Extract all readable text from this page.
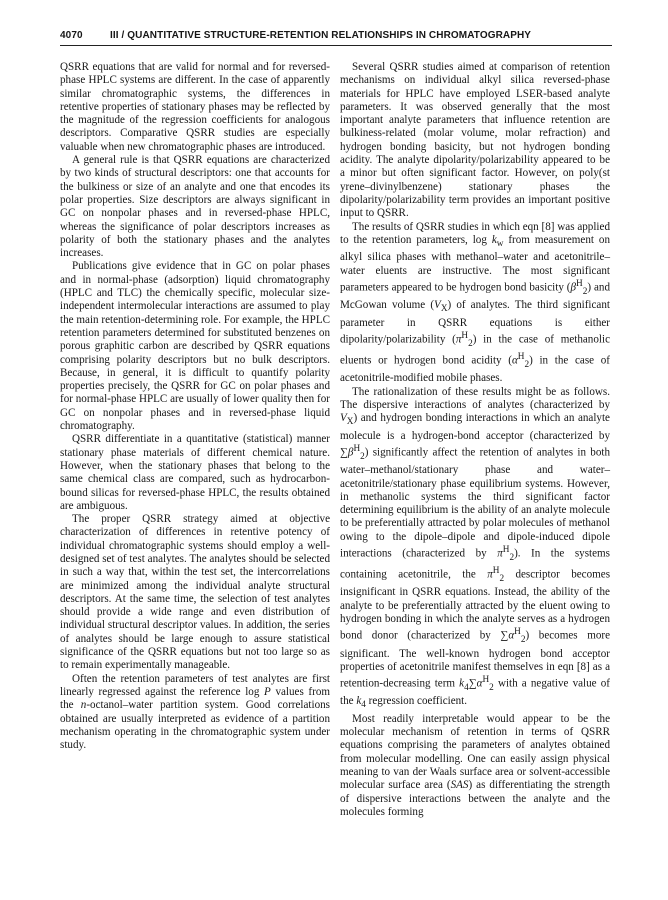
4070	III / QUANTITATIVE STRUCTURE-RETENTION RELATIONSHIPS IN CHROMATOGRAPHY

QSRR equations that are valid for normal and for reversed-phase HPLC systems are different. In the case of apparently similar chromatographic systems, the differences in retentive properties of stationary phases may be reflected by the magnitude of the regression coefficients for analogous descriptors. Comparative QSRR studies are especially valuable when new chromatographic phases are introduced.

A general rule is that QSRR equations are characterized by two kinds of structural descriptors: one that accounts for the bulkiness or size of an analyte and one that encodes its polar properties. Size descriptors are always significant in GC on nonpolar phases and in reversed-phase HPLC, whereas the significance of polar descriptors increases as polarity of both the stationary phases and the analytes increases.

Publications give evidence that in GC on polar phases and in normal-phase (adsorption) liquid chromatography (HPLC and TLC) the chemically specific, molecular size-independent intermolecular interactions are assumed to play the main retention-determining role. For example, the HPLC retention parameters determined for substituted benzenes on porous graphitic carbon are described by QSRR equations comprising polarity descriptors but no bulk descriptors. Because, in general, it is difficult to quantify polarity properties precisely, the QSRR for GC on polar phases and for normal-phase HPLC are usually of lower quality then for GC on nonpolar phases and in reversed-phase liquid chromatography.

QSRR differentiate in a quantitative (statistical) manner stationary phase materials of different chemical nature. However, when the stationary phases that belong to the same chemical class are compared, such as hydrocarbon-bound silicas for reversed-phase HPLC, the results obtained are ambiguous.

The proper QSRR strategy aimed at objective characterization of differences in retentive potency of individual chromatographic systems should employ a well-designed set of test analytes. The analytes should be selected in such a way that, within the test set, the intercorrelations are minimized among the individual analyte structural descriptors. At the same time, the selection of test analytes should provide a wide range and even distribution of individual structural descriptor values. In addition, the series of analytes should be large enough to assure statistical significance of the QSRR equations but not too large so as to remain experimentally manageable.

Often the retention parameters of test analytes are first linearly regressed against the reference log P values from the n-octanol–water partition system. Good correlations obtained are usually interpreted as evidence of a partition mechanism operating in the chromatographic system under study.

Several QSRR studies aimed at comparison of retention mechanisms on individual alkyl silica reversed-phase materials for HPLC have employed LSER-based analyte parameters. It was observed generally that the most important analyte parameters that influence retention are bulkiness-related (molar volume, molar refraction) and hydrogen bonding basicity, but not hydrogen bonding acidity. The analyte dipolarity/polarizability appeared to be a minor but often significant factor. However, on poly(st yrene–divinylbenzene) stationary phases the dipolarity/polarizability term provides an important positive input to QSRR.

The results of QSRR studies in which eqn [8] was applied to the retention parameters, $\log k_w$ from measurement on alkyl silica phases with methanol–water and acetonitrile–water eluents are instructive. The most significant parameters appeared to be hydrogen bond basicity $(\beta^H_2)$ and McGowan volume $(V_X)$ of analytes. The third significant parameter in QSRR equations is either dipolarity/polarizability $(\pi^H_2)$ in the case of methanolic eluents or hydrogen bond acidity $(\alpha^H_2)$ in the case of acetonitrile-modified mobile phases.

The rationalization of these results might be as follows. The dispersive interactions of analytes (characterized by $V_X$) and hydrogen bonding interactions in which an analyte molecule is a hydrogen-bond acceptor (characterized by $\sum\beta^H_2$) significantly affect the retention of analytes in both water–methanol/stationary phase and water–acetonitrile/stationary phase equilibrium systems. However, in methanolic systems the third significant factor determining equilibrium is the ability of an analyte molecule to be preferentially attracted by polar molecules of methanol owing to the dipole–dipole and dipole-induced dipole interactions (characterized by $\pi^H_2$). In the systems containing acetonitrile, the $\pi^H_2$ descriptor becomes insignificant in QSRR equations. Instead, the ability of the analyte to be preferentially attracted by the eluent owing to hydrogen bonding in which the analyte serves as a hydrogen bond donor (characterized by $\sum\alpha^H_2$) becomes more significant. The well-known hydrogen bond acceptor properties of acetonitrile manifest themselves in eqn [8] as a retention-decreasing term $k_4\sum\alpha^H_2$ with a negative value of the $k_4$ regression coefficient.

Most readily interpretable would appear to be the molecular mechanism of retention in terms of QSRR equations comprising the parameters of analytes obtained from molecular modelling. One can easily assign physical meaning to van der Waals surface area or solvent-accessible molecular surface area (SAS) as differentiating the strength of dispersive interactions between the analyte and the molecules forming
